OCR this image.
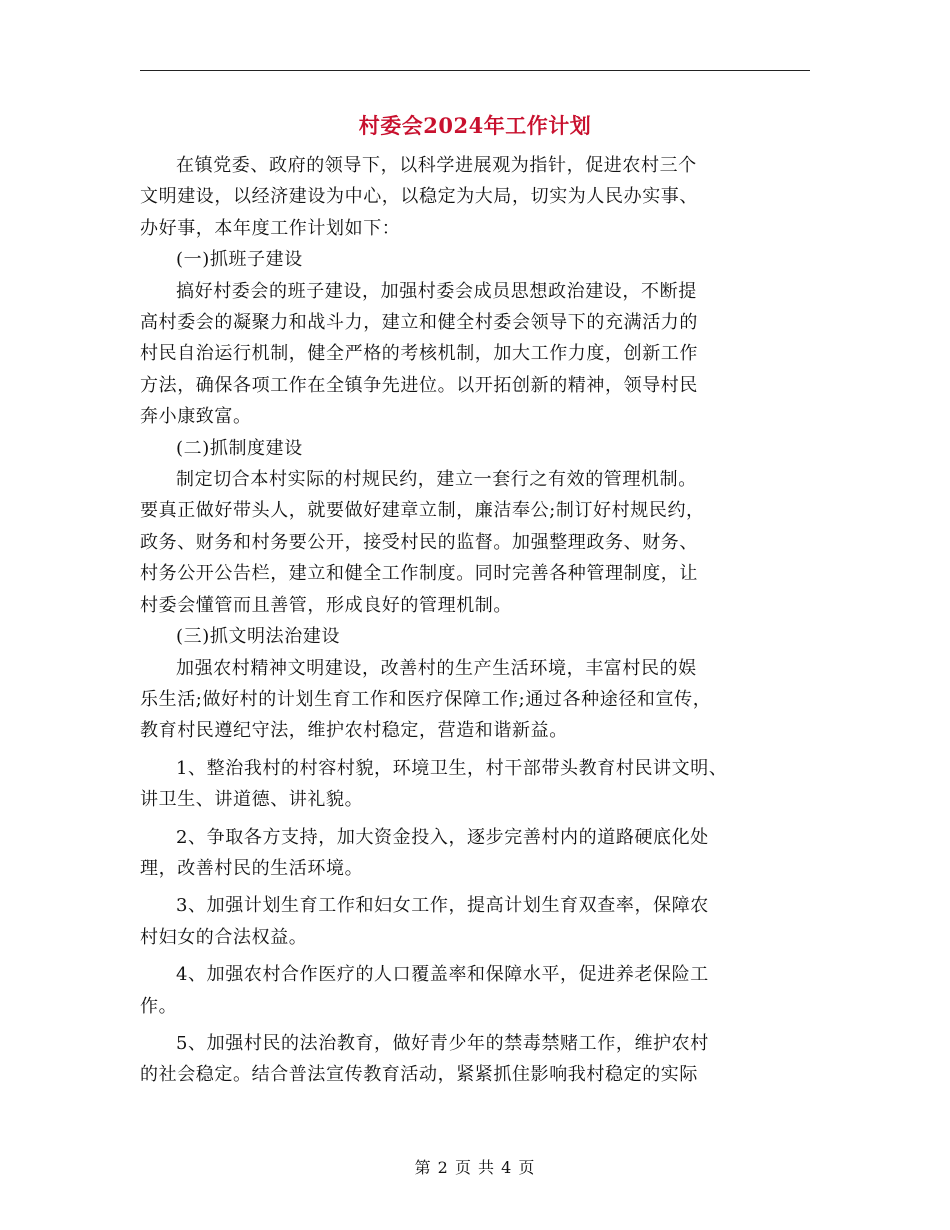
村委会2024年工作计划

在镇党委、政府的领导下，以科学进展观为指针，促进农村三个
文明建设，以经济建设为中心，以稳定为大局，切实为人民办实事、
办好事，本年度工作计划如下：

(一)抓班子建设

搞好村委会的班子建设，加强村委会成员思想政治建设，不断提
高村委会的凝聚力和战斗力，建立和健全村委会领导下的充满活力的
村民自治运行机制，健全严格的考核机制，加大工作力度，创新工作
方法，确保各项工作在全镇争先进位。以开拓创新的精神，领导村民
奔小康致富。

(二)抓制度建设

制定切合本村实际的村规民约，建立一套行之有效的管理机制。
要真正做好带头人，就要做好建章立制，廉洁奉公;制订好村规民约，
政务、财务和村务要公开，接受村民的监督。加强整理政务、财务、
村务公开公告栏，建立和健全工作制度。同时完善各种管理制度，让
村委会懂管而且善管，形成良好的管理机制。

(三)抓文明法治建设

加强农村精神文明建设，改善村的生产生活环境，丰富村民的娱
乐生活;做好村的计划生育工作和医疗保障工作;通过各种途径和宣传，
教育村民遵纪守法，维护农村稳定，营造和谐新益。

1、整治我村的村容村貌，环境卫生，村干部带头教育村民讲文明、
讲卫生、讲道德、讲礼貌。

2、争取各方支持，加大资金投入，逐步完善村内的道路硬底化处
理，改善村民的生活环境。

3、加强计划生育工作和妇女工作，提高计划生育双查率，保障农
村妇女的合法权益。

4、加强农村合作医疗的人口覆盖率和保障水平，促进养老保险工
作。

5、加强村民的法治教育，做好青少年的禁毒禁赌工作，维护农村
的社会稳定。结合普法宣传教育活动，紧紧抓住影响我村稳定的实际

第 2 页 共 4 页
